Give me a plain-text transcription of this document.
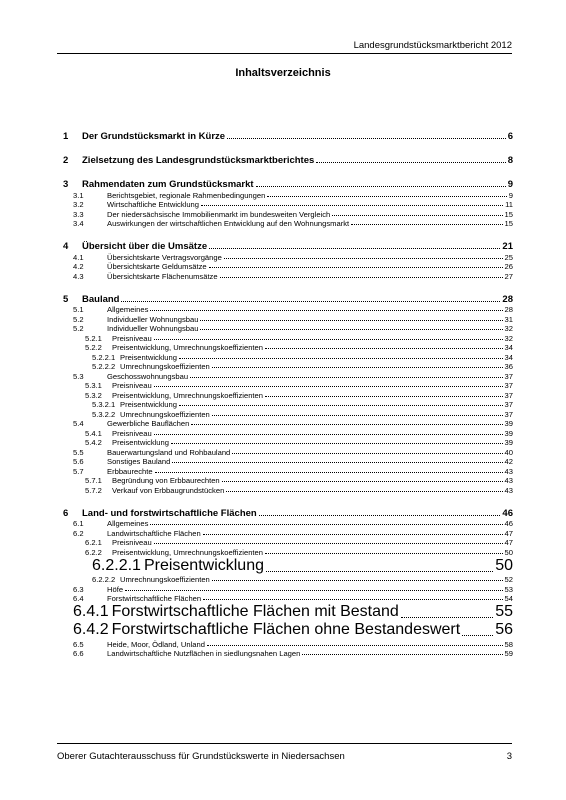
Landesgrundstücksmarktbericht 2012
Inhaltsverzeichnis
1	Der Grundstücksmarkt in Kürze	6
2	Zielsetzung des Landesgrundstücksmarktberichtes	8
3	Rahmendaten zum Grundstücksmarkt	9
3.1	Berichtsgebiet, regionale Rahmenbedingungen	9
3.2	Wirtschaftliche Entwicklung	11
3.3	Der niedersächsische Immobilienmarkt im bundesweiten Vergleich	15
3.4	Auswirkungen der wirtschaftlichen Entwicklung auf den Wohnungsmarkt	15
4	Übersicht über die Umsätze	21
4.1	Übersichtskarte Vertragsvorgänge	25
4.2	Übersichtskarte Geldumsätze	26
4.3	Übersichtskarte Flächenumsätze	27
5	Bauland	28
5.1	Allgemeines	28
5.2	Individueller Wohnungsbau	31
5.2	Individueller Wohnungsbau	32
5.2.1	Preisniveau	32
5.2.2	Preisentwicklung, Umrechnungskoeffizienten	34
5.2.2.1 Preisentwicklung	34
5.2.2.2 Umrechnungskoeffizienten	36
5.3	Geschosswohnungsbau	37
5.3.1	Preisniveau	37
5.3.2	Preisentwicklung, Umrechnungskoeffizienten	37
5.3.2.1 Preisentwicklung	37
5.3.2.2 Umrechnungskoeffizienten	37
5.4	Gewerbliche Bauflächen	39
5.4.1	Preisniveau	39
5.4.2	Preisentwicklung	39
5.5	Bauerwartungsland und Rohbauland	40
5.6	Sonstiges Bauland	42
5.7	Erbbaurechte	43
5.7.1	Begründung von Erbbaurechten	43
5.7.2	Verkauf von Erbbaugrundstücken	43
6	Land- und forstwirtschaftliche Flächen	46
6.1	Allgemeines	46
6.2	Landwirtschaftliche Flächen	47
6.2.1	Preisniveau	47
6.2.2	Preisentwicklung, Umrechnungskoeffizienten	50
6.2.2.1 Preisentwicklung	50
6.2.2.2 Umrechnungskoeffizienten	52
6.3	Höfe	53
6.4	Forstwirtschaftliche Flächen	54
6.4.1 Forstwirtschaftliche Flächen mit Bestand	55
6.4.2 Forstwirtschaftliche Flächen ohne Bestandeswert 56
6.5	Heide, Moor, Ödland, Unland	58
6.6	Landwirtschaftliche Nutzflächen in siedlungsnahen Lagen	59
Oberer Gutachterausschuss für Grundstückswerte in Niedersachsen	3
